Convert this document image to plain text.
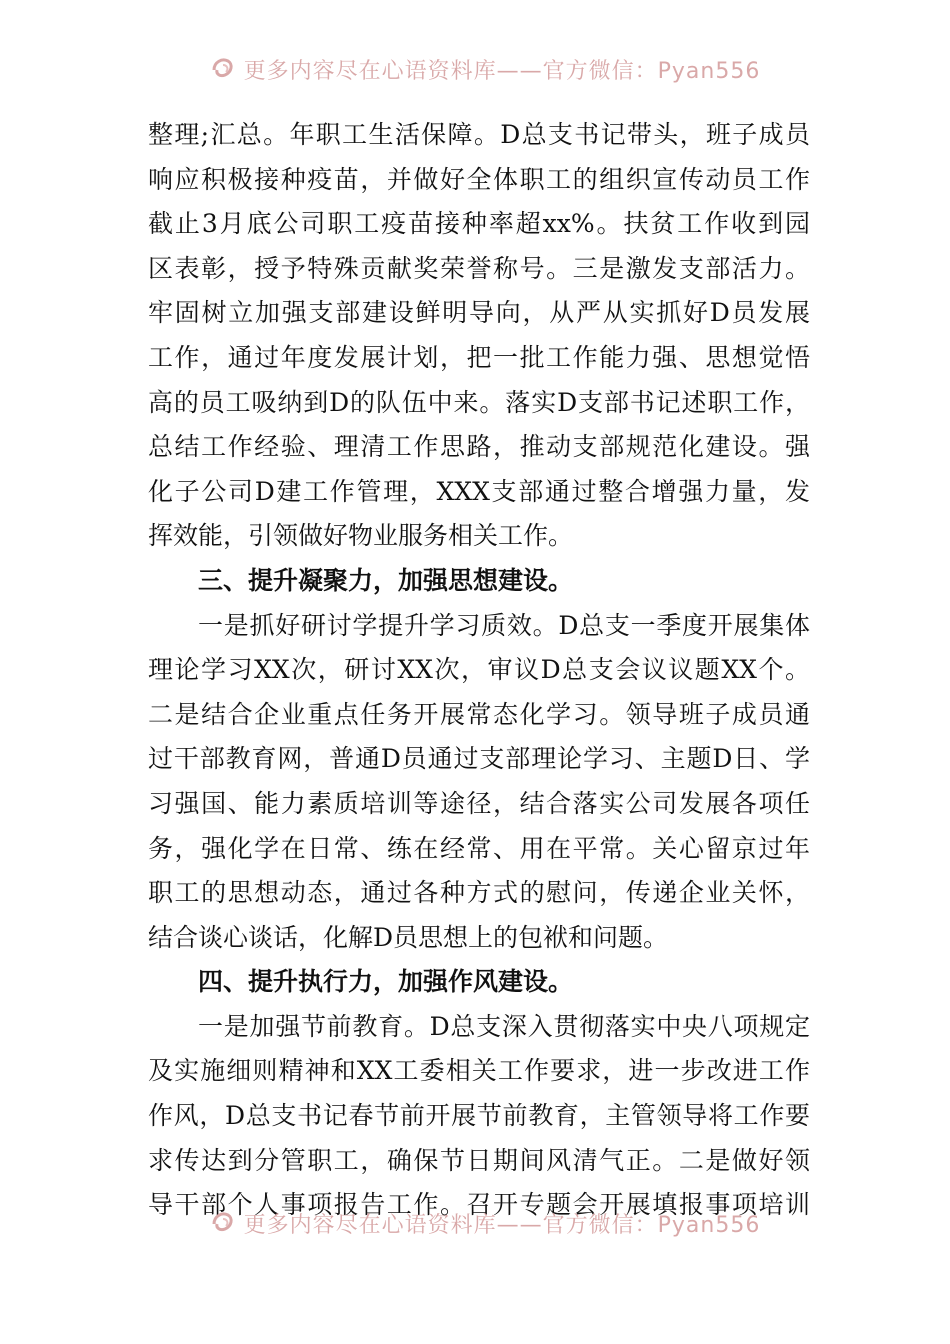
更多内容尽在心语资料库——官方微信：Pyan556
整理;汇总。年职工生活保障。D总支书记带头，班子成员
响应积极接种疫苗，并做好全体职工的组织宣传动员工作
截止3月底公司职工疫苗接种率超xx%。扶贫工作收到园
区表彰，授予特殊贡献奖荣誉称号。三是激发支部活力。
牢固树立加强支部建设鲜明导向，从严从实抓好D员发展
工作，通过年度发展计划，把一批工作能力强、思想觉悟
高的员工吸纳到D的队伍中来。落实D支部书记述职工作，
总结工作经验、理清工作思路，推动支部规范化建设。强
化子公司D建工作管理，XXX支部通过整合增强力量，发
挥效能，引领做好物业服务相关工作。
三、提升凝聚力，加强思想建设。
一是抓好研讨学提升学习质效。D总支一季度开展集体
理论学习XX次，研讨XX次，审议D总支会议议题XX个。
二是结合企业重点任务开展常态化学习。领导班子成员通
过干部教育网，普通D员通过支部理论学习、主题D日、学
习强国、能力素质培训等途径，结合落实公司发展各项任
务，强化学在日常、练在经常、用在平常。关心留京过年
职工的思想动态，通过各种方式的慰问，传递企业关怀，
结合谈心谈话，化解D员思想上的包袱和问题。
四、提升执行力，加强作风建设。
一是加强节前教育。D总支深入贯彻落实中央八项规定
及实施细则精神和XX工委相关工作要求，进一步改进工作
作风，D总支书记春节前开展节前教育，主管领导将工作要
求传达到分管职工，确保节日期间风清气正。二是做好领
导干部个人事项报告工作。召开专题会开展填报事项培训
更多内容尽在心语资料库——官方微信：Pyan556
